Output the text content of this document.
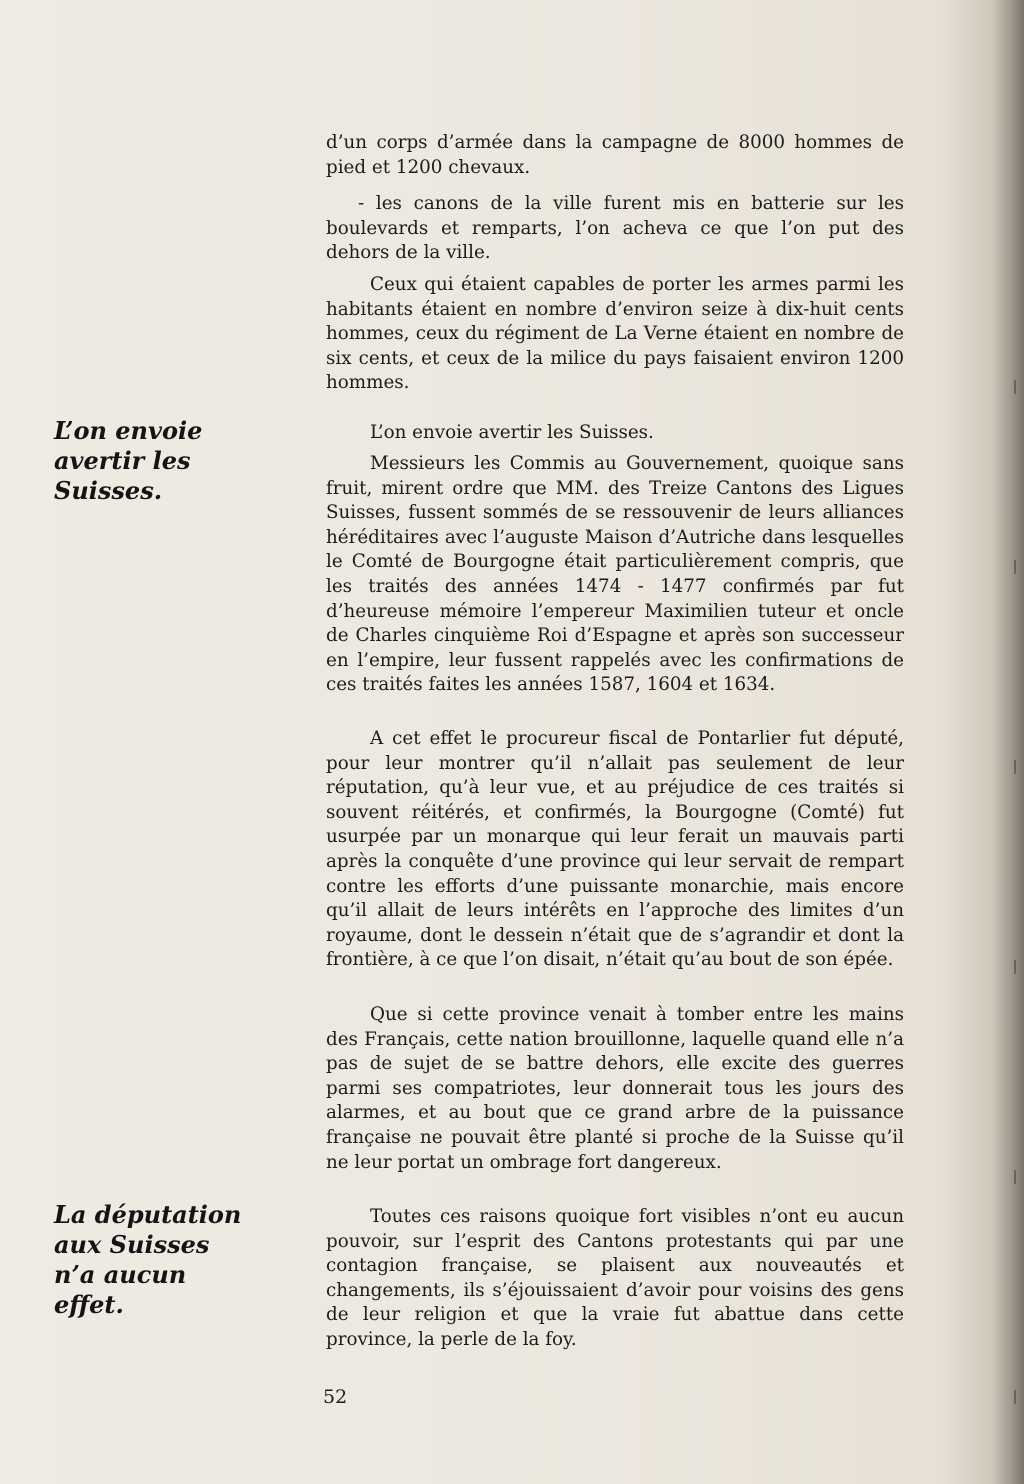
L’on envoie avertir les Suisses.
La députation aux Suisses n’a aucun effet.

d’un corps d’armée dans la campagne de 8000 hommes de pied et 1200 chevaux.

- les canons de la ville furent mis en batterie sur les boulevards et remparts, l’on acheva ce que l’on put des dehors de la ville.

Ceux qui étaient capables de porter les armes parmi les habitants étaient en nombre d’environ seize à dix-huit cents hommes, ceux du régiment de La Verne étaient en nombre de six cents, et ceux de la milice du pays faisaient environ 1200 hommes.

L’on envoie avertir les Suisses.

Messieurs les Commis au Gouvernement, quoique sans fruit, mirent ordre que MM. des Treize Cantons des Ligues Suisses, fussent sommés de se ressouvenir de leurs alliances héréditaires avec l’auguste Maison d’Autriche dans lesquelles le Comté de Bourgogne était particulièrement compris, que les traités des années 1474 - 1477 confirmés par fut d’heureuse mémoire l’empereur Maximilien tuteur et oncle de Charles cinquième Roi d’Espagne et après son successeur en l’empire, leur fussent rappelés avec les confirmations de ces traités faites les années 1587, 1604 et 1634.

A cet effet le procureur fiscal de Pontarlier fut député, pour leur montrer qu’il n’allait pas seulement de leur réputation, qu’à leur vue, et au préjudice de ces traités si souvent réitérés, et confirmés, la Bourgogne (Comté) fut usurpée par un monarque qui leur ferait un mauvais parti après la conquête d’une province qui leur servait de rempart contre les efforts d’une puissante monarchie, mais encore qu’il allait de leurs intérêts en l’approche des limites d’un royaume, dont le dessein n’était que de s’agrandir et dont la frontière, à ce que l’on disait, n’était qu’au bout de son épée.

Que si cette province venait à tomber entre les mains des Français, cette nation brouillonne, laquelle quand elle n’a pas de sujet de se battre dehors, elle excite des guerres parmi ses compatriotes, leur donnerait tous les jours des alarmes, et au bout que ce grand arbre de la puissance française ne pouvait être planté si proche de la Suisse qu’il ne leur portat un ombrage fort dangereux.

Toutes ces raisons quoique fort visibles n’ont eu aucun pouvoir, sur l’esprit des Cantons protestants qui par une contagion française, se plaisent aux nouveautés et changements, ils s’éjouissaient d’avoir pour voisins des gens de leur religion et que la vraie fut abattue dans cette province, la perle de la foy.

52
